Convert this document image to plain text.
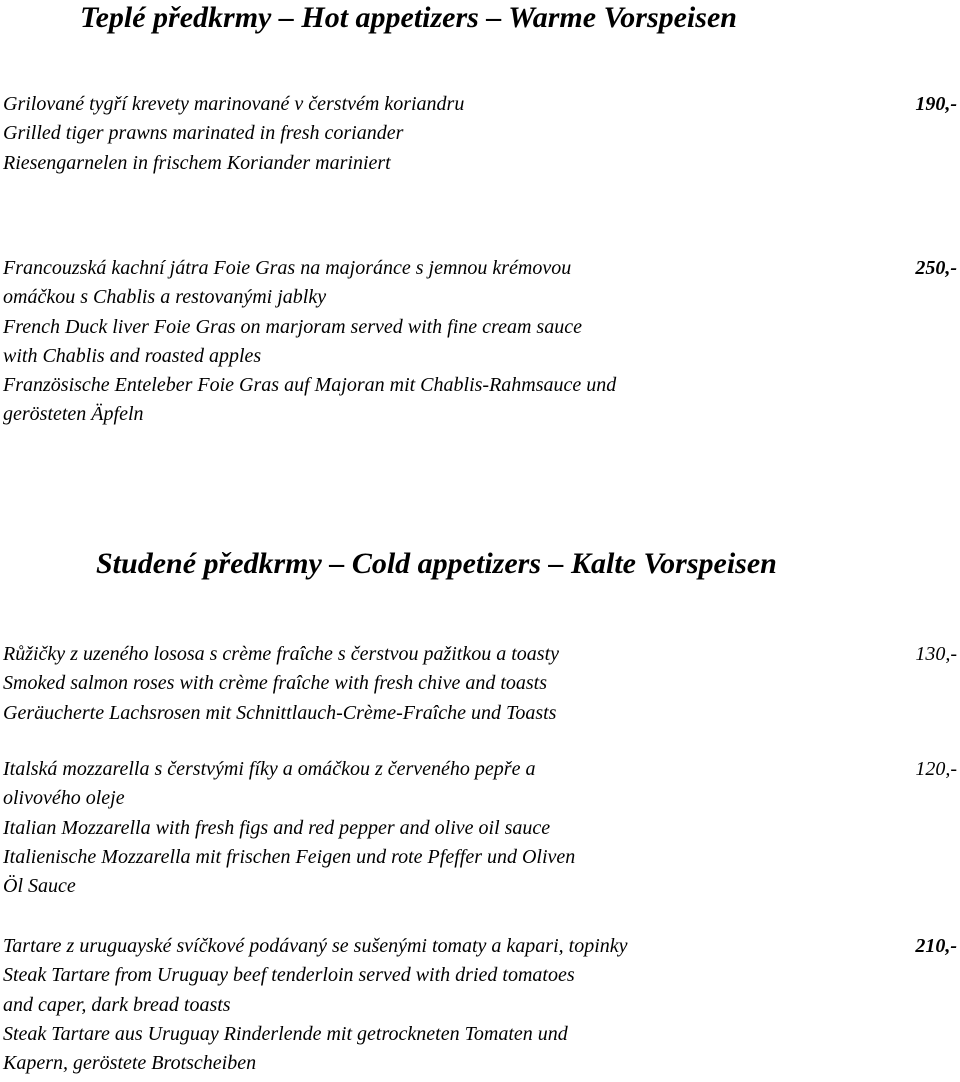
Teplé předkrmy – Hot appetizers – Warme Vorspeisen
Grilované tygří krevety marinované v čerstvém koriandru
Grilled tiger prawns marinated in fresh coriander
Riesengarnelen in frischem Koriander mariniert
190,-
Francouzská kachní játra Foie Gras na majoránce s jemnou krémovou
omáčkou s Chablis a restovanými jablky
French Duck liver Foie Gras on marjoram served with fine cream sauce
with Chablis and roasted apples
Französische Enteleber Foie Gras auf Majoran mit Chablis-Rahmsauce und
gerösteten Äpfeln
250,-
Studené předkrmy – Cold appetizers – Kalte Vorspeisen
Růžičky z uzeného lososa s crème fraîche s čerstvou pažitkou a toasty
Smoked salmon roses with crème fraîche with fresh chive and toasts
Geräucherte Lachsrosen mit Schnittlauch-Crème-Fraîche und Toasts
130,-
Italská mozzarella s čerstvými fíky a omáčkou z červeného pepře a
olivového oleje
Italian Mozzarella with fresh figs and red pepper and olive oil sauce
Italienische Mozzarella mit frischen Feigen und rote Pfeffer und Oliven
Öl Sauce
120,-
Tartare z uruguayské svíčkové podávaný se sušenými tomaty a kapari, topinky
Steak Tartare from Uruguay beef tenderloin served with dried tomatoes
and caper, dark bread toasts
Steak Tartare aus Uruguay Rinderlende mit getrockneten Tomaten und
Kapern, geröstete Brotscheiben
210,-
